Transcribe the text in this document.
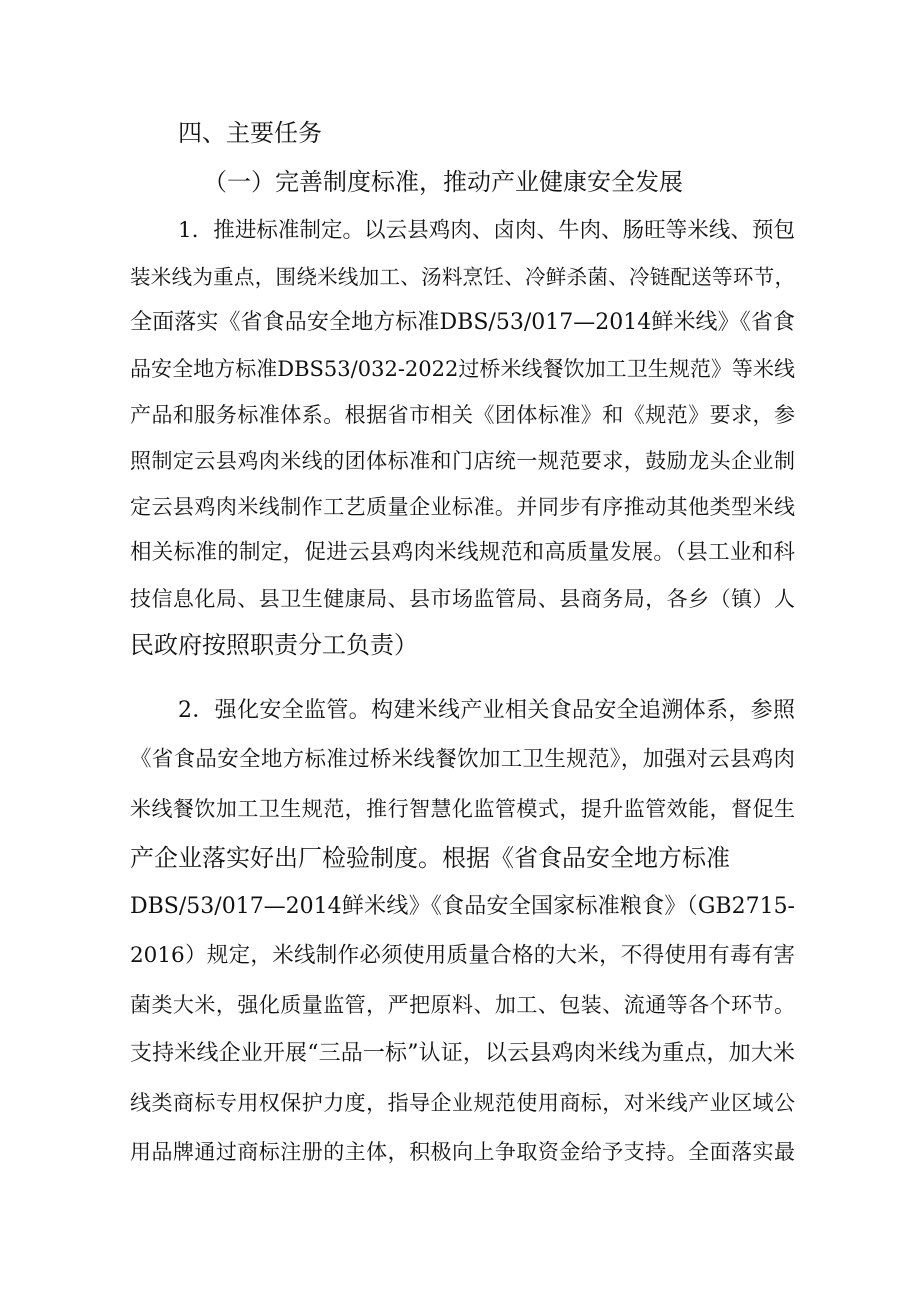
四、主要任务
（一）完善制度标准，推动产业健康安全发展
1．推进标准制定。以云县鸡肉、卤肉、牛肉、肠旺等米线、预包
装米线为重点，围绕米线加工、汤料烹饪、冷鲜杀菌、冷链配送等环节，
全面落实《省食品安全地方标准DBS/53/017—2014鲜米线》《省食
品安全地方标准DBS53/032-2022过桥米线餐饮加工卫生规范》等米线
产品和服务标准体系。根据省市相关《团体标准》和《规范》要求，参
照制定云县鸡肉米线的团体标准和门店统一规范要求，鼓励龙头企业制
定云县鸡肉米线制作工艺质量企业标准。并同步有序推动其他类型米线
相关标准的制定，促进云县鸡肉米线规范和高质量发展。（县工业和科
技信息化局、县卫生健康局、县市场监管局、县商务局，各乡（镇）人
民政府按照职责分工负责）
2．强化安全监管。构建米线产业相关食品安全追溯体系，参照
《省食品安全地方标准过桥米线餐饮加工卫生规范》，加强对云县鸡肉
米线餐饮加工卫生规范，推行智慧化监管模式，提升监管效能，督促生
产企业落实好出厂检验制度。根据《省食品安全地方标准
DBS/53/017—2014鲜米线》《食品安全国家标准粮食》（GB2715-
2016）规定，米线制作必须使用质量合格的大米，不得使用有毒有害
菌类大米，强化质量监管，严把原料、加工、包装、流通等各个环节。
支持米线企业开展“三品一标”认证，以云县鸡肉米线为重点，加大米
线类商标专用权保护力度，指导企业规范使用商标，对米线产业区域公
用品牌通过商标注册的主体，积极向上争取资金给予支持。全面落实最
